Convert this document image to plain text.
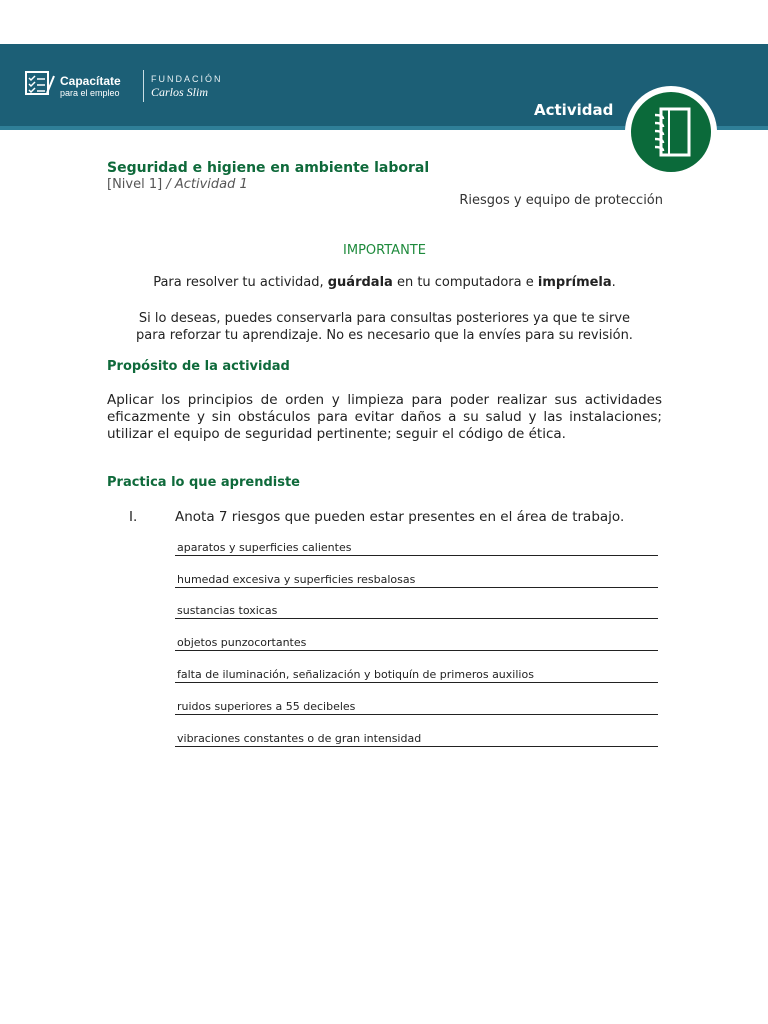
Capacítate
para el empleo
FUNDACIÓN
Carlos Slim
Actividad
Seguridad e higiene en ambiente laboral
[Nivel 1] / Actividad 1
Riesgos y equipo de protección
IMPORTANTE
Para resolver tu actividad, guárdala en tu computadora e imprímela.
Si lo deseas, puedes conservarla para consultas posteriores ya que te sirve
para reforzar tu aprendizaje. No es necesario que la envíes para su revisión.
Propósito de la actividad
Aplicar los principios de orden y limpieza para poder realizar sus actividades eficazmente y sin obstáculos para evitar daños a su salud y las instalaciones; utilizar el equipo de seguridad pertinente; seguir el código de ética.
Practica lo que aprendiste
I.	Anota 7 riesgos que pueden estar presentes en el área de trabajo.
aparatos y superficies calientes
humedad excesiva y superficies resbalosas
sustancias toxicas
objetos punzocortantes
falta de iluminación, señalización y botiquín de primeros auxilios
ruidos superiores a 55 decibeles
vibraciones constantes o de gran intensidad
